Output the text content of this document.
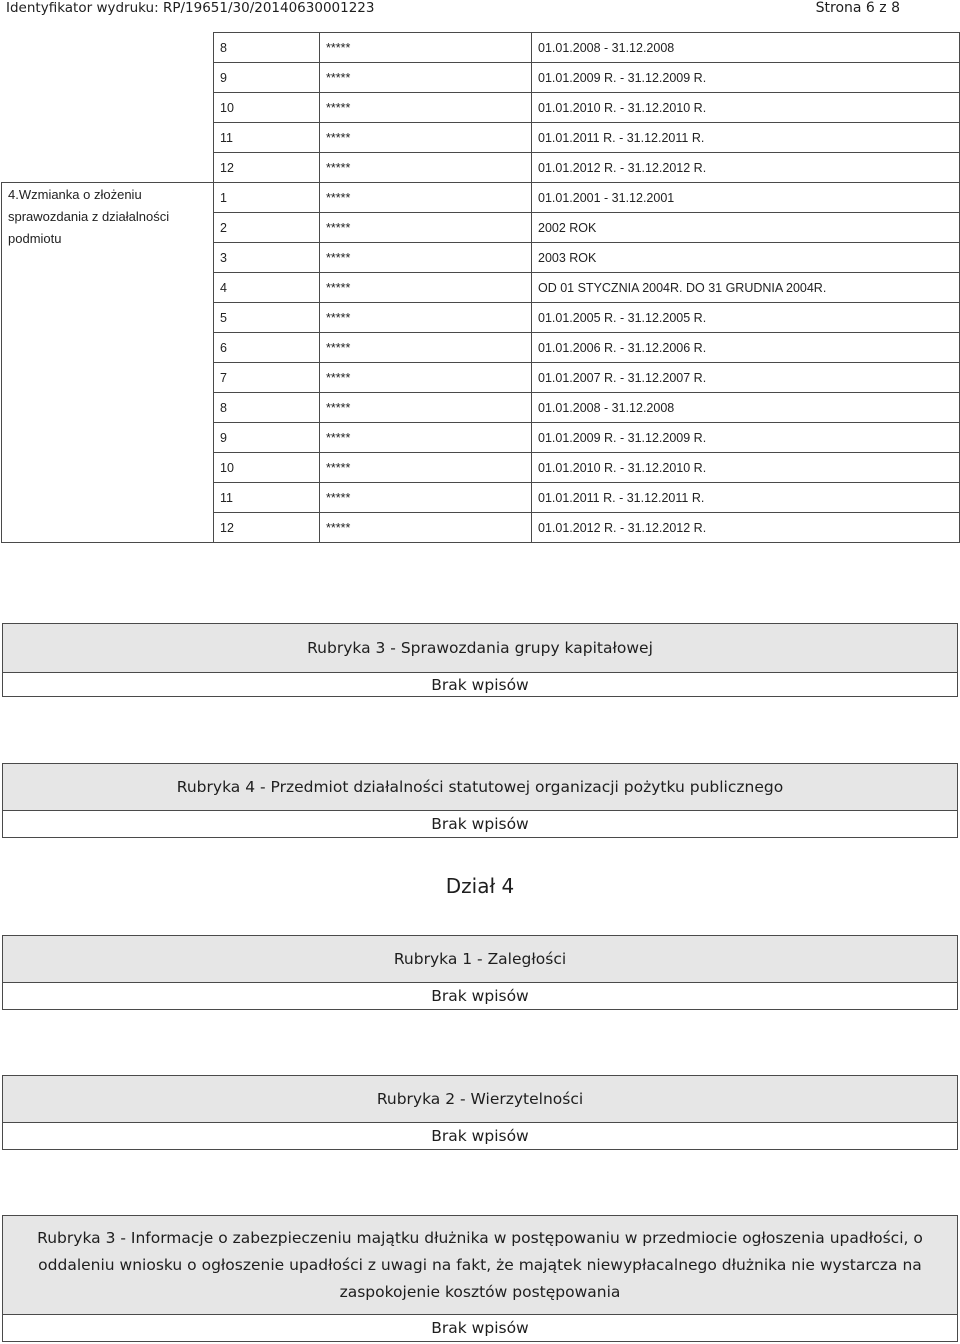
Identyfikator wydruku: RP/19651/30/20140630001223	Strona 6 z 8
	8	*****	01.01.2008 - 31.12.2008
	9	*****	01.01.2009 R. - 31.12.2009 R.
	10	*****	01.01.2010 R. - 31.12.2010 R.
	11	*****	01.01.2011 R. - 31.12.2011 R.
	12	*****	01.01.2012 R. - 31.12.2012 R.
4.Wzmianka o złożeniu sprawozdania z działalności podmiotu	1	*****	01.01.2001 - 31.12.2001
	2	*****	2002 ROK
	3	*****	2003 ROK
	4	*****	OD 01 STYCZNIA 2004R. DO 31 GRUDNIA 2004R.
	5	*****	01.01.2005 R. - 31.12.2005 R.
	6	*****	01.01.2006 R. - 31.12.2006 R.
	7	*****	01.01.2007 R. - 31.12.2007 R.
	8	*****	01.01.2008 - 31.12.2008
	9	*****	01.01.2009 R. - 31.12.2009 R.
	10	*****	01.01.2010 R. - 31.12.2010 R.
	11	*****	01.01.2011 R. - 31.12.2011 R.
	12	*****	01.01.2012 R. - 31.12.2012 R.
Rubryka 3 - Sprawozdania grupy kapitałowej
Brak wpisów
Rubryka 4 - Przedmiot działalności statutowej organizacji pożytku publicznego
Brak wpisów
Dział 4
Rubryka 1 - Zaległości
Brak wpisów
Rubryka 2 - Wierzytelności
Brak wpisów
Rubryka 3 - Informacje o zabezpieczeniu majątku dłużnika w postępowaniu w przedmiocie ogłoszenia upadłości, o oddaleniu wniosku o ogłoszenie upadłości z uwagi na fakt, że majątek niewypłacalnego dłużnika nie wystarcza na zaspokojenie kosztów postępowania
Brak wpisów
